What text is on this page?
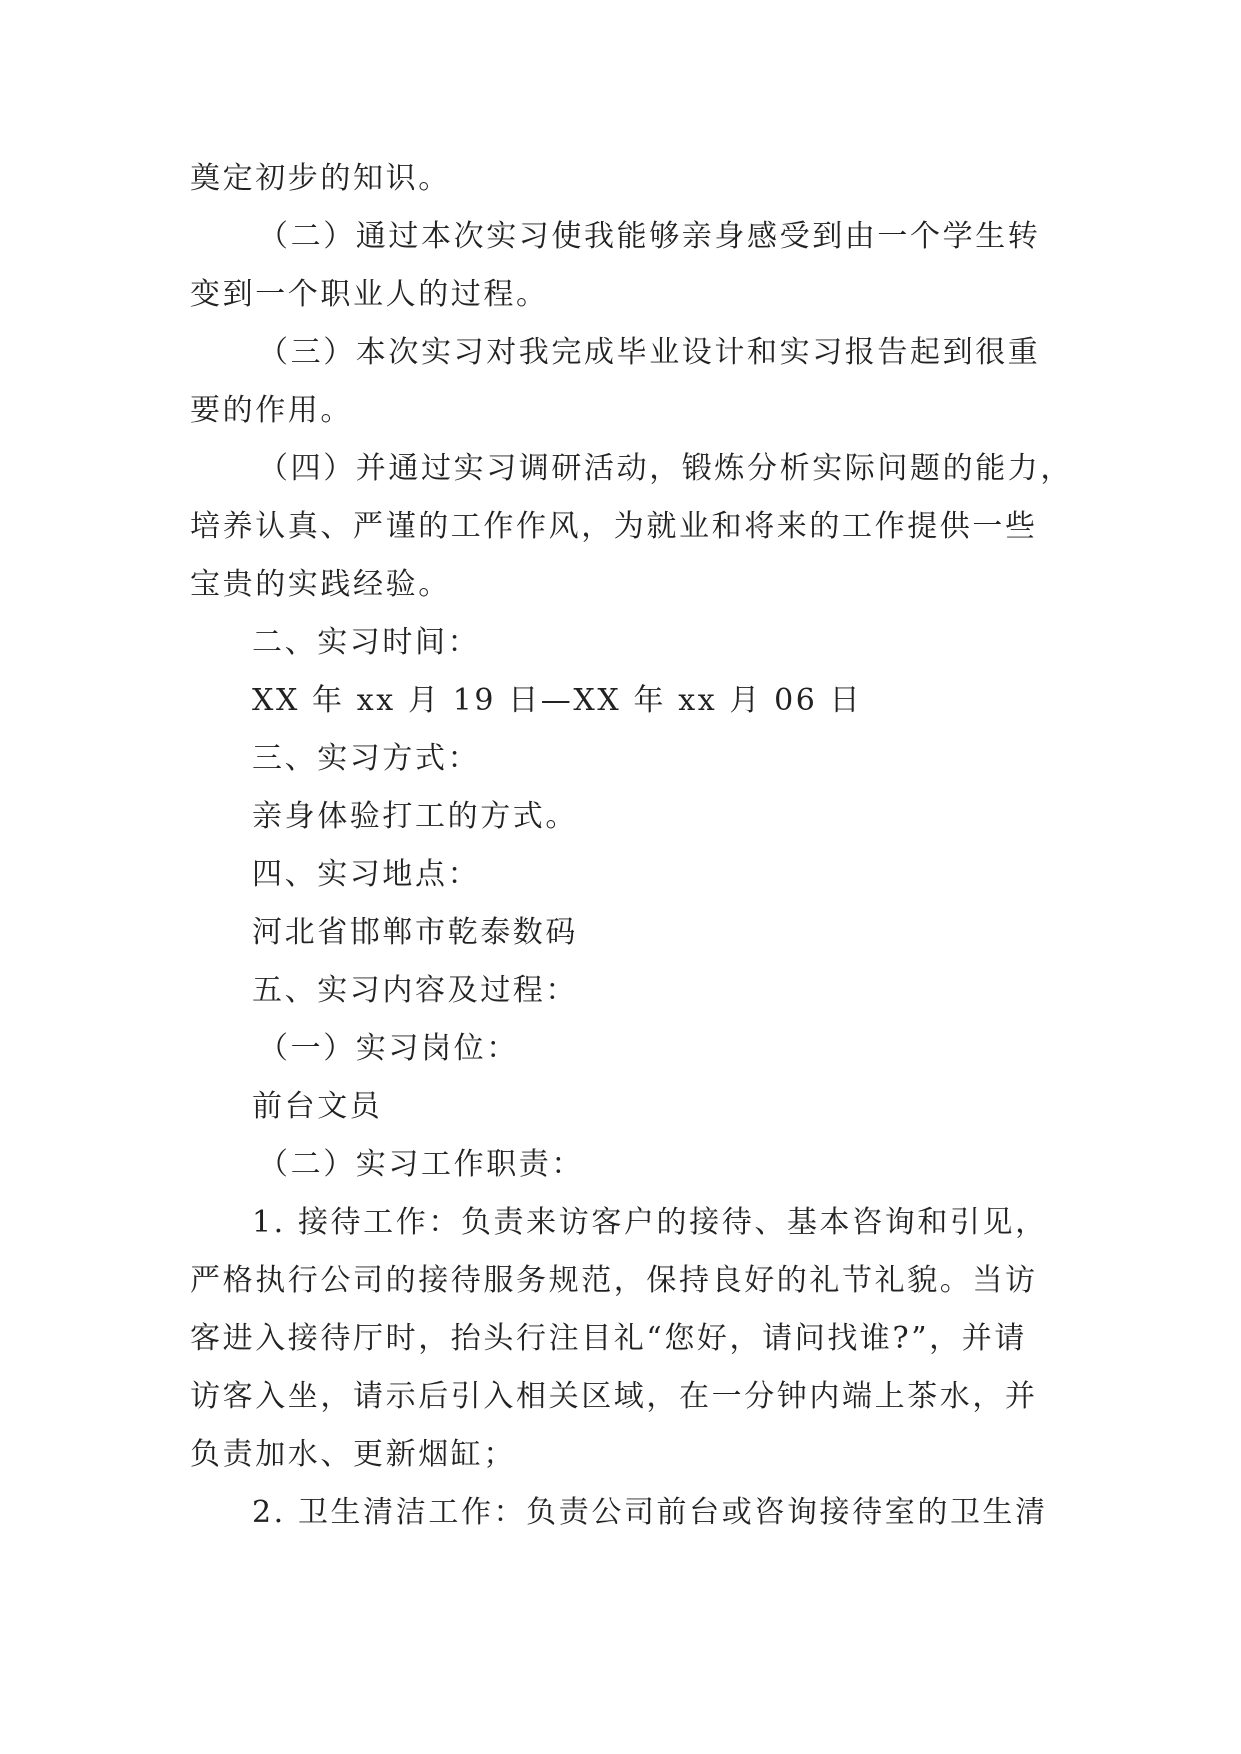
奠定初步的知识。

（二）通过本次实习使我能够亲身感受到由一个学生转

变到一个职业人的过程。

（三）本次实习对我完成毕业设计和实习报告起到很重

要的作用。

（四）并通过实习调研活动，锻炼分析实际问题的能力，

培养认真、严谨的工作作风，为就业和将来的工作提供一些

宝贵的实践经验。

二、实习时间：

XX 年 xx 月 19 日—XX 年 xx 月 06 日

三、实习方式：

亲身体验打工的方式。

四、实习地点：

河北省邯郸市乾泰数码

五、实习内容及过程：

（一）实习岗位：

前台文员

（二）实习工作职责：

1. 接待工作：负责来访客户的接待、基本咨询和引见，

严格执行公司的接待服务规范，保持良好的礼节礼貌。当访

客进入接待厅时，抬头行注目礼“您好，请问找谁?”，并请

访客入坐，请示后引入相关区域，在一分钟内端上茶水，并

负责加水、更新烟缸；

2. 卫生清洁工作：负责公司前台或咨询接待室的卫生清
